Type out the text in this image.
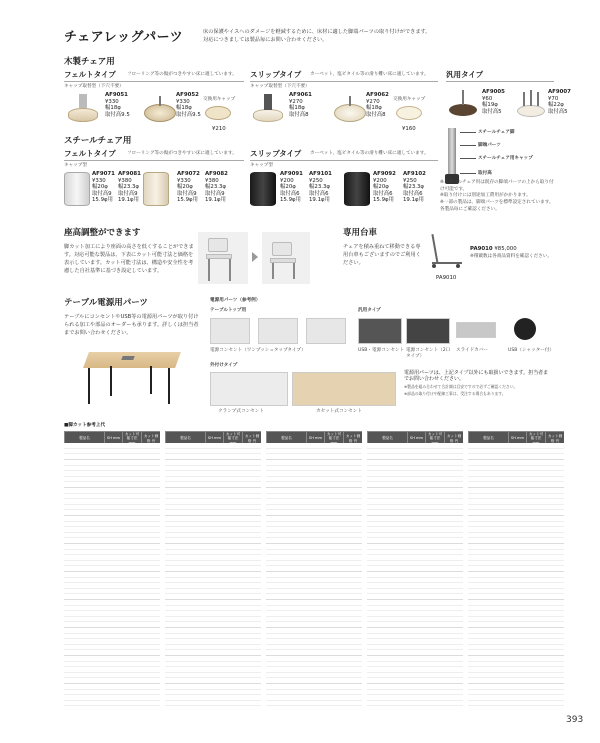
チェアレッグパーツ	床の保護やイスへのダメージを軽減するために、床材に適した脚端パーツの取り付けができます。
対応につきましては製品毎にお問い合わせください。
木製チェア用
フェルトタイプ フローリング等の傷がつきやすい床に適しています。
キャップ取替型（下穴不要）
交換用キャップ
AF9051
¥330
幅18φ
取付高9.5
AF9052
¥330
幅18φ
取付高9.5
¥210
スリップタイプ カーペット、塩ビタイル等の滑り難い床に適しています。
キャップ取替型（下穴不要）
交換用キャップ
AF9061
¥270
幅18φ
取付高8
AF9062
¥270
幅18φ
取付高8
¥160
汎用タイプ
AF9005
¥60
幅19φ
取付高5
AF9007
¥70
幅22φ
取付高5
スチールチェア用
フェルトタイプ フローリング等の傷がつきやすい床に適しています。
キャップ型
AF9071
¥330
幅20φ
取付高9
15.9φ用
AF9081
¥380
幅23.3φ
取付高9
19.1φ用
AF9072
¥330
幅20φ
取付高9
15.9φ用
AF9082
¥380
幅23.3φ
取付高9
19.1φ用
スリップタイプ カーペット、塩ビタイル等の滑り難い床に適しています。
キャップ型
AF9091
¥200
幅20φ
取付高6
15.9φ用
AF9101
¥250
幅23.3φ
取付高6
19.1φ用
AF9092
¥200
幅20φ
取付高6
15.9φ用
AF9102
¥250
幅23.3φ
取付高6
19.1φ用
スチールチェア脚
脚端パーツ
スチールチェア用キャップ
取付高
※スチールチェア用は既存の脚端パーツの上から取り付け可能です。
※取り付けには別途加工費用がかかります。
※一部の製品は、脚端パーツを標準設定されています。各製品毎にご確認ください。
座高調整ができます
脚カット加工により座面の高さを低くすることができます。対応可能な製品は、下表にカット可能寸法と価格を表示しています。カット可能寸法は、構造や安全性を考慮した自社基準に基づき設定しています。
専用台車
チェアを積み重ねて移動できる専用台車もございますのでご利用ください。
PA9010
PA9010 ¥85,000
※積載数は各商品資料を確認ください。
テーブル電源用パーツ
テーブルにコンセントやUSB等の電源用パーツが取り付けられる加工や部品のオーダーも承ります。詳しくは担当者までお問い合わせください。
電源用パーツ（参考例）
テーブルトップ用
電源コンセント（ワンプッシュタップタイプ）
汎用タイプ
USB・電源コンセント 電源コンセント（2口タイプ）
スライドカバー	USB（シャッター付）
外付けタイプ
クランプ式コンセント	カセット式コンセント
電源用パーツは、上記タイプ以外にも取扱いできます。担当者までお問い合わせください。
※製品を組み合わせて合計額は目安ですので必ずご確認ください。
※部品の取り付けや配線工事は、受注する場合もあります。
■脚カット参考上代
製品名	SH mm	カット可能寸法	カット価格 円
製品名	SH mm	カット可能寸法	カット価格 円
製品名	SH mm	カット可能寸法	カット価格 円
製品名	SH mm	カット可能寸法	カット価格 円
製品名	SH mm	カット可能寸法	カット価格 円
393
